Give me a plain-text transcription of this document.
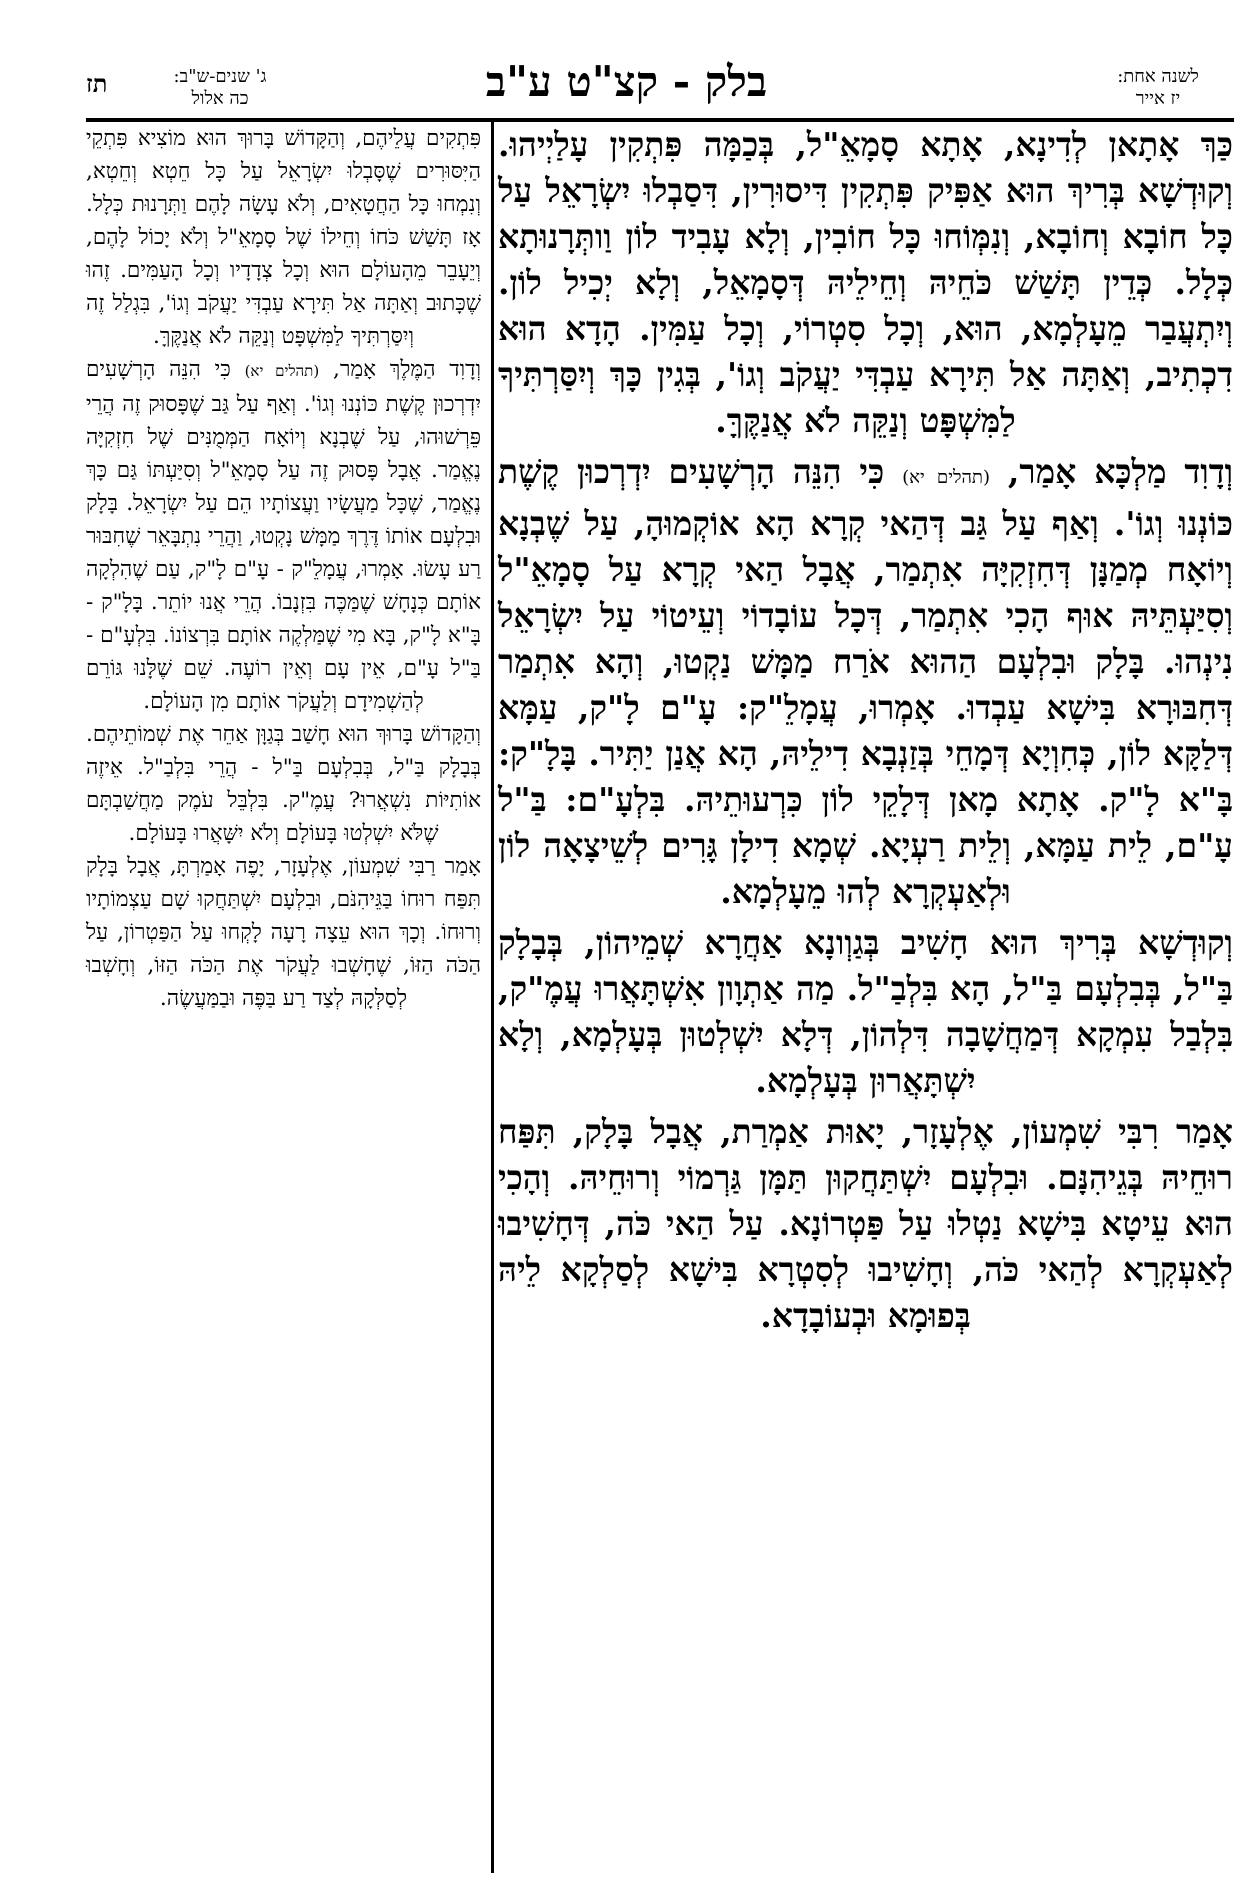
לשנה אחת:
יז אייר
בלק - קצ"ט ע"ב
ג' שנים-ש"ב:
כה אלול
תז

כַּךְ אָתָאן לְדִינָא, אָתָא סָמָאֵ"ל, בְּכַמָּה פִּתְקִין עָלַיְיהוּ. וְקוּדְשָׁא בְּרִיךְ הוּא אַפִּיק פִּתְקִין דִּיסוּרִין, דִּסַבְלוּ יִשְׂרָאֵל עַל כָּל חוֹבָא וְחוֹבָא, וְנִמְּוֹחוּ כָּל חוֹבִין, וְלָא עָבִיד לוֹן וַותְּרָנוּתָא כְּלָל. כְּדֵין תָּשַׁשׁ כֹּחֵיהּ וְחֵילֵיהּ דְּסָמָאֵל, וְלָא יְכִיל לוֹן. וְיִתְעֲבַר מֵעָלְמָא, הוּא, וְכָל סִטְרוֹי, וְכָל עַמִּין. הָדָא הוּא דִכְתִיב, וְאַתָּה אַל תִּירָא עַבְדִּי יַעֲקֹב וְגוֹ', בְּגִין כָּךְ וְיִסַּרְתִּיךָ לַמִּשְׁפָּט וְנַקֵּה לֹא אֲנַקֶּךָּ.

וְדָוִד מַלְכָּא אָמַר, (תהלים יא) כִּי הִנֵּה הָרְשָׁעִים יִדְרְכוּן קֶשֶׁת כּוֹנְנוּ וְגוֹ'. וְאַף עַל גַּב דְּהַאי קְרָא הָא אוֹקְמוּהָ, עַל שֶׁבְנָא וְיוֹאָח מְמַנָּן דְּחִזְקִיָּה אִתְמַר, אֲבָל הַאי קְרָא עַל סָמָאֵ"ל וְסִיַּעְתֵּיהּ אוּף הָכִי אִתְמַר, דְּכָל עוֹבָדוֹי וְעֵיטוֹי עַל יִשְׂרָאֵל נִינְהוּ. בָּלָק וּבִלְעָם הַהוּא אֹרַח מַמָּשׁ נַקְטוּ, וְהָא אִתְמַר דְּחִבּוּרָא בִּישָׁא עַבְדוּ. אָמְרוּ, עֲמָלֵ"ק: עָ"ם לָ"ק, עַמָּא דְּלַקָּא לוֹן, כְּחִוְיָא דְּמָחֵי בְּזַנְבָא דִילֵיהּ, הָא אֲנַן יַתִּיר. בָּלָ"ק: בָּ"א לָ"ק. אָתָא מָאן דְּלָקֵי לוֹן כִּרְעוּתֵיהּ. בִּלְעָ"ם: בַּ"ל עָ"ם, לֵית עַמָּא, וְלֵית רַעְיָא. שְׁמָא דִילָן גָּרִים לְשֵׁיצָאָה לוֹן וּלְאַעְקְרָא לְהוּ מֵעָלְמָא.

וְקוּדְשָׁא בְּרִיךְ הוּא חָשִׁיב בְּגַוְונָא אַחֲרָא שְׁמֵיהוֹן, בְּבָלָק בַּ"ל, בְּבִלְעָם בַּ"ל, הָא בִּלְבַ"ל. מַה אַתְוָון אִשְׁתָּאֲרוּ עֲמֶ"ק, בִּלְבַל עִמְקָא דְּמַחֲשָׁבָה דִּלְהוֹן, דְּלָא יִשְׁלְטוּן בְּעָלְמָא, וְלָא יִשְׁתָּאֲרוּן בְּעָלְמָא.

אָמַר רִבִּי שִׁמְעוֹן, אֶלְעָזָר, יָאוּת אַמְרַת, אֲבָל בָּלָק, תִּפַּח רוּחֵיהּ בְּגֵיהִנָּם. וּבִלְעָם יִשְׁתַּחֲקוּן תַּמָּן גַּרְמוֹי וְרוּחֵיהּ. וְהָכִי הוּא עֵיטָא בִּישָׁא נַטְלוּ עַל פַּטְרוֹנָא. עַל הַאי כֹּה, דְּחָשִׁיבוּ לְאַעְקְרָא לְהַאי כֹּה, וְחָשִׁיבוּ לְסִטְרָא בִּישָׁא לְסַלְקָא לֵיהּ בְּפוּמָא וּבְעוֹבָדָא.

פִּתְקִים עֲלֵיהֶם, וְהַקָּדוֹשׁ בָּרוּךְ הוּא מוֹצִיא פִּתְקֵי הַיִּסּוּרִים שֶׁסָּבְלוּ יִשְׂרָאֵל עַל כָּל חֵטְא וְחֵטְא, וְנִמְחוּ כָּל הַחֲטָאִים, וְלֹא עָשָׂה לָהֶם וַתְּרָנוּת כְּלָל. אָז תָּשַׁשׁ כֹּחוֹ וְחֵילוֹ שֶׁל סָמָאֵ"ל וְלֹא יָכוֹל לָהֶם, וְיֵעָבֵר מֵהָעוֹלָם הוּא וְכָל צְדָדָיו וְכָל הָעַמִּים. זֶהוּ שֶׁכָּתוּב וְאַתָּה אַל תִּירָא עַבְדִּי יַעֲקֹב וְגוֹ', בִּגְלַל זֶה וְיִסַּרְתִּיךָ לַמִּשְׁפָּט וְנַקֵּה לֹא אֲנַקֶּךָּ.

וְדָוִד הַמֶּלֶךְ אָמַר, (תהלים יא) כִּי הִנֵּה הָרְשָׁעִים יִדְרְכוּן קֶשֶׁת כּוֹנְנוּ וְגוֹ'. וְאַף עַל גַּב שֶׁפָּסוּק זֶה הֲרֵי פֵּרְשׁוּהוּ, עַל שֶׁבְנָא וְיוֹאָח הַמְּמֻנִּים שֶׁל חִזְקִיָּה נֶאֱמַר. אֲבָל פָּסוּק זֶה עַל סָמָאֵ"ל וְסִיַּעְתּוֹ גַּם כָּךְ נֶאֱמַר, שֶׁכָּל מַעֲשָׂיו וַעֲצוֹתָיו הֵם עַל יִשְׂרָאֵל. בָּלָק וּבִלְעָם אוֹתוֹ דֶּרֶךְ מַמָּשׁ נָקְטוּ, וַהֲרֵי נִתְבָּאֵר שֶׁחִבּוּר רַע עָשׂוּ. אָמְרוּ, עֲמָלֵ"ק - עָ"ם לָ"ק, עַם שֶׁהִלְקָה אוֹתָם כְּנָחָשׁ שֶׁמַּכֶּה בִּזְנָבוֹ. הֲרֵי אֲנוּ יוֹתֵר. בָּלָ"ק - בָּ"א לָ"ק, בָּא מִי שֶׁמַּלְקֶה אוֹתָם בִּרְצוֹנוֹ. בִּלְעָ"ם - בַּ"ל עָ"ם, אֵין עָם וְאֵין רוֹעֶה. שֵׁם שֶׁלָּנוּ גּוֹרֵם לְהַשְׁמִידָם וְלַעֲקֹר אוֹתָם מִן הָעוֹלָם.

וְהַקָּדוֹשׁ בָּרוּךְ הוּא חָשַׁב בְּגַוָּן אַחֵר אֶת שְׁמוֹתֵיהֶם. בְּבָלָק בַּ"ל, בְּבִלְעָם בַּ"ל - הֲרֵי בִּלְבַ"ל. אֵיזֶה אוֹתִיּוֹת נִשְׁאֲרוּ? עֲמֶ"ק. בִּלְבֵּל עֹמֶק מַחֲשַׁבְתָּם שֶׁלֹּא יִשְׁלְטוּ בָּעוֹלָם וְלֹא יִשָּׁאֲרוּ בָּעוֹלָם.

אָמַר רַבִּי שִׁמְעוֹן, אֶלְעָזָר, יָפֶה אָמַרְתָּ, אֲבָל בָּלָק תִּפַּח רוּחוֹ בַּגֵּיהִנֹּם, וּבִלְעָם יִשְׁתַּחֲקוּ שָׁם עַצְמוֹתָיו וְרוּחוֹ. וְכָךְ הוּא עֵצָה רָעָה לָקְחוּ עַל הַפַּטְרוֹן, עַל הַכֹּה הַזּוֹ, שֶׁחָשְׁבוּ לַעֲקֹר אֶת הַכֹּה הַזּוֹ, וְחָשְׁבוּ לְסַלְּקָהּ לְצַד רַע בַּפֶּה וּבַמַּעֲשֶׂה.
